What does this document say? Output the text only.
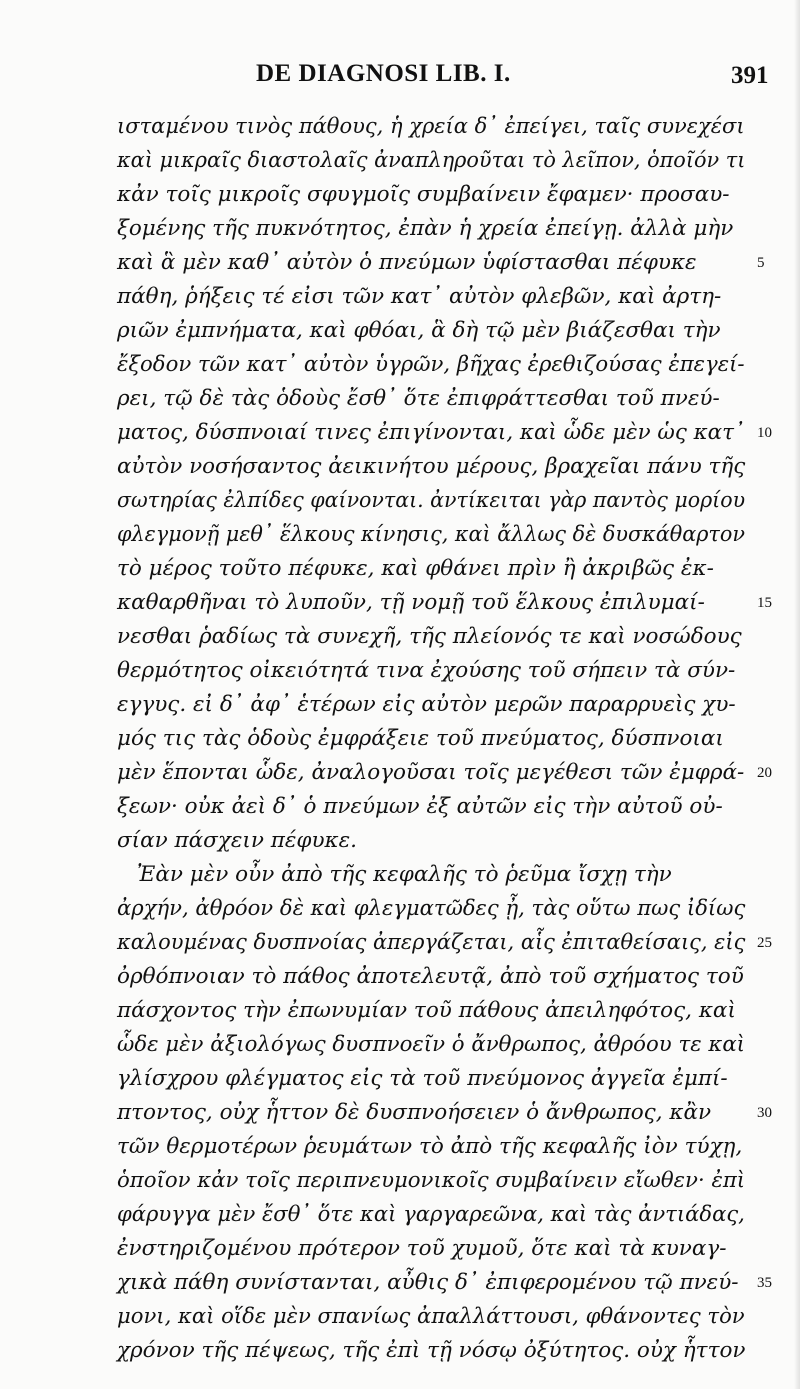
DE DIAGNOSI LIB. I.	391
ισταμένου τινὸς πάθους, ἡ χρεία δ᾽ ἐπείγει, ταῖς συνεχέσι
καὶ μικραῖς διαστολαῖς ἀναπληροῦται τὸ λεῖπον, ὁποῖόν τι
κἀν τοῖς μικροῖς σφυγμοῖς συμβαίνειν ἔφαμεν· προσαυ-
ξομένης τῆς πυκνότητος, ἐπὰν ἡ χρεία ἐπείγῃ. ἀλλὰ μὴν
καὶ ἃ μὲν καθ᾽ αὐτὸν ὁ πνεύμων ὑφίστασθαι πέφυκε	5
πάθη, ῥήξεις τέ εἰσι τῶν κατ᾽ αὐτὸν φλεβῶν, καὶ ἀρτη-
ριῶν ἐμπνήματα, καὶ φθόαι, ἃ δὴ τῷ μὲν βιάζεσθαι τὴν
ἔξοδον τῶν κατ᾽ αὐτὸν ὑγρῶν, βῆχας ἐρεθιζούσας ἐπεγεί-
ρει, τῷ δὲ τὰς ὁδοὺς ἔσθ᾽ ὅτε ἐπιφράττεσθαι τοῦ πνεύ-
ματος, δύσπνοιαί τινες ἐπιγίνονται, καὶ ὧδε μὲν ὡς κατ᾽ 10
αὐτὸν νοσήσαντος ἀεικινήτου μέρους, βραχεῖαι πάνυ τῆς
σωτηρίας ἐλπίδες φαίνονται. ἀντίκειται γὰρ παντὸς μορίου
φλεγμονῇ μεθ᾽ ἕλκους κίνησις, καὶ ἄλλως δὲ δυσκάθαρτον
τὸ μέρος τοῦτο πέφυκε, καὶ φθάνει πρὶν ἢ ἀκριβῶς ἐκ-
καθαρθῆναι τὸ λυποῦν, τῇ νομῇ τοῦ ἕλκους ἐπιλυμαί-	15
νεσθαι ῥαδίως τὰ συνεχῆ, τῆς πλείονός τε καὶ νοσώδους
θερμότητος οἰκειότητά τινα ἐχούσης τοῦ σήπειν τὰ σύν-
εγγυς. εἰ δ᾽ ἀφ᾽ ἑτέρων εἰς αὐτὸν μερῶν παραρρυεὶς χυ-
μός τις τὰς ὁδοὺς ἐμφράξειε τοῦ πνεύματος, δύσπνοιαι
μὲν ἕπονται ὧδε, ἀναλογοῦσαι τοῖς μεγέθεσι τῶν ἐμφρά- 20
ξεων· οὐκ ἀεὶ δ᾽ ὁ πνεύμων ἐξ αὐτῶν εἰς τὴν αὐτοῦ οὐ-
σίαν πάσχειν πέφυκε.
Ἐὰν μὲν οὖν ἀπὸ τῆς κεφαλῆς τὸ ῥεῦμα ἴσχῃ τὴν
ἀρχήν, ἀθρόον δὲ καὶ φλεγματῶδες ᾖ, τὰς οὕτω πως ἰδίως
καλουμένας δυσπνοίας ἀπεργάζεται, αἷς ἐπιταθείσαις, εἰς 25
ὀρθόπνοιαν τὸ πάθος ἀποτελευτᾷ, ἀπὸ τοῦ σχήματος τοῦ
πάσχοντος τὴν ἐπωνυμίαν τοῦ πάθους ἀπειληφότος, καὶ
ὧδε μὲν ἀξιολόγως δυσπνοεῖν ὁ ἄνθρωπος, ἀθρόου τε καὶ
γλίσχρου φλέγματος εἰς τὰ τοῦ πνεύμονος ἀγγεῖα ἐμπί-
πτοντος, οὐχ ἧττον δὲ δυσπνοήσειεν ὁ ἄνθρωπος, κἂν	30
τῶν θερμοτέρων ῥευμάτων τὸ ἀπὸ τῆς κεφαλῆς ἰὸν τύχῃ,
ὁποῖον κἀν τοῖς περιπνευμονικοῖς συμβαίνειν εἴωθεν· ἐπὶ
φάρυγγα μὲν ἔσθ᾽ ὅτε καὶ γαργαρεῶνα, καὶ τὰς ἀντιάδας,
ἐνστηριζομένου πρότερον τοῦ χυμοῦ, ὅτε καὶ τὰ κυναγ-
χικὰ πάθη συνίστανται, αὖθις δ᾽ ἐπιφερομένου τῷ πνεύ- 35
μονι, καὶ οἵδε μὲν σπανίως ἀπαλλάττουσι, φθάνοντες τὸν
χρόνον τῆς πέψεως, τῆς ἐπὶ τῇ νόσῳ ὀξύτητος. οὐχ ἧττον
